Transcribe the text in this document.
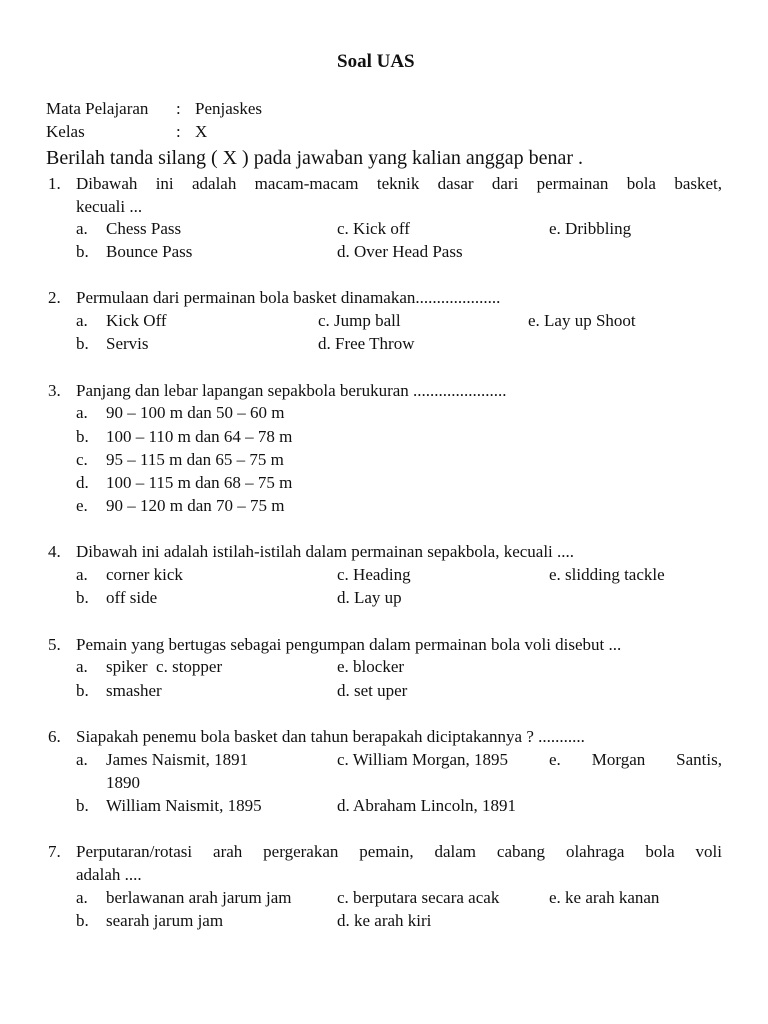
Soal UAS
Mata Pelajaran : Penjaskes
Kelas	: X
Berilah tanda silang ( X ) pada jawaban yang kalian anggap benar .
1. Dibawah ini adalah macam-macam teknik dasar dari permainan bola basket,
kecuali ...
a. Chess Pass	c. Kick off	e. Dribbling
b. Bounce Pass	d. Over Head Pass
2. Permulaan dari permainan bola basket dinamakan....................
a. Kick Off	c. Jump ball	e. Lay up Shoot
b. Servis	d. Free Throw
3. Panjang dan lebar lapangan sepakbola berukuran ......................
a. 90 – 100 m dan 50 – 60 m
b. 100 – 110 m dan 64 – 78 m
c. 95 – 115 m dan 65 – 75 m
d. 100 – 115 m dan 68 – 75 m
e. 90 – 120 m dan 70 – 75 m
4. Dibawah ini adalah istilah-istilah dalam permainan sepakbola, kecuali ....
a. corner kick	c. Heading	e. slidding tackle
b. off side	d. Lay up
5. Pemain yang bertugas sebagai pengumpan dalam permainan bola voli disebut ...
a. spiker  c. stopper	e. blocker
b. smasher	d. set uper
6. Siapakah penemu bola basket dan tahun berapakah diciptakannya ? ...........
a. James Naismit, 1891	c. William Morgan, 1895 e. Morgan Santis,
1890
b. William Naismit, 1895	d. Abraham Lincoln, 1891
7. Perputaran/rotasi arah pergerakan pemain, dalam cabang olahraga bola voli
adalah ....
a. berlawanan arah jarum jam	c. berputara secara acak	e. ke arah kanan
b. searah jarum jam	d. ke arah kiri
